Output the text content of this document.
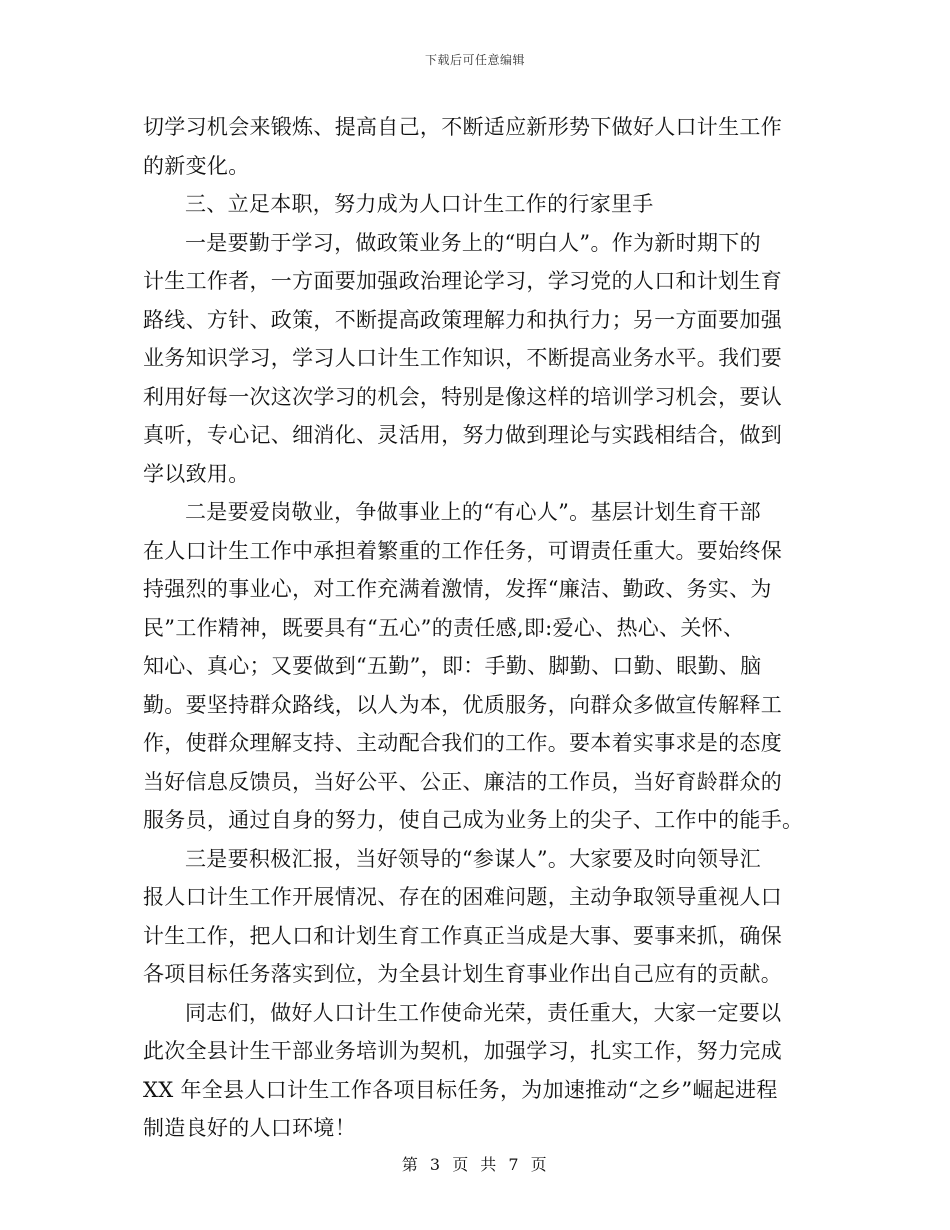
下载后可任意编辑
切学习机会来锻炼、提高自己，不断适应新形势下做好人口计生工作
的新变化。
三、立足本职，努力成为人口计生工作的行家里手
一是要勤于学习，做政策业务上的“明白人”。作为新时期下的
计生工作者，一方面要加强政治理论学习，学习党的人口和计划生育
路线、方针、政策，不断提高政策理解力和执行力；另一方面要加强
业务知识学习，学习人口计生工作知识，不断提高业务水平。我们要
利用好每一次这次学习的机会，特别是像这样的培训学习机会，要认
真听，专心记、细消化、灵活用，努力做到理论与实践相结合，做到
学以致用。
二是要爱岗敬业，争做事业上的“有心人”。基层计划生育干部
在人口计生工作中承担着繁重的工作任务，可谓责任重大。要始终保
持强烈的事业心，对工作充满着激情，发挥“廉洁、勤政、务实、为
民”工作精神，既要具有“五心”的责任感,即:爱心、热心、关怀、
知心、真心；又要做到“五勤”，即：手勤、脚勤、口勤、眼勤、脑
勤。要坚持群众路线，以人为本，优质服务，向群众多做宣传解释工
作，使群众理解支持、主动配合我们的工作。要本着实事求是的态度
当好信息反馈员，当好公平、公正、廉洁的工作员，当好育龄群众的
服务员，通过自身的努力，使自己成为业务上的尖子、工作中的能手。
三是要积极汇报，当好领导的“参谋人”。大家要及时向领导汇
报人口计生工作开展情况、存在的困难问题，主动争取领导重视人口
计生工作，把人口和计划生育工作真正当成是大事、要事来抓，确保
各项目标任务落实到位，为全县计划生育事业作出自己应有的贡献。
同志们，做好人口计生工作使命光荣，责任重大，大家一定要以
此次全县计生干部业务培训为契机，加强学习，扎实工作，努力完成
XX 年全县人口计生工作各项目标任务，为加速推动“之乡”崛起进程
制造良好的人口环境！
第 3 页 共 7 页
